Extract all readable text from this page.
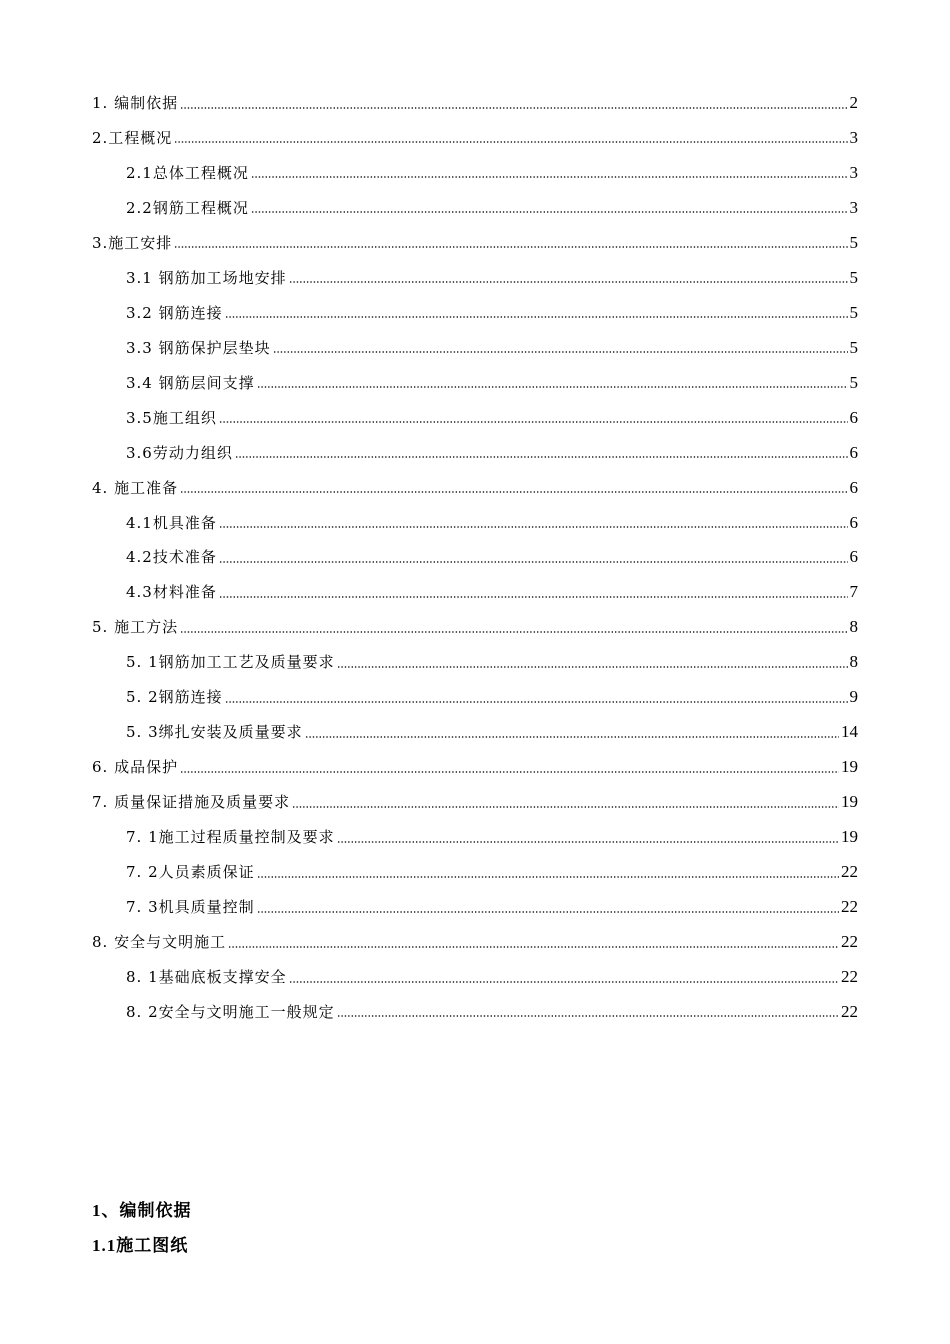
1. 编制依据	2
2.工程概况	3
2.1总体工程概况	3
2.2钢筋工程概况	3
3.施工安排	5
3.1 钢筋加工场地安排	5
3.2 钢筋连接	5
3.3 钢筋保护层垫块	5
3.4 钢筋层间支撑	5
3.5施工组织	6
3.6劳动力组织	6
4. 施工准备	6
4.1机具准备	6
4.2技术准备	6
4.3材料准备	7
5. 施工方法	8
5. 1钢筋加工工艺及质量要求	8
5. 2钢筋连接	9
5. 3绑扎安装及质量要求	14
6. 成品保护	19
7. 质量保证措施及质量要求	19
7. 1施工过程质量控制及要求	19
7. 2人员素质保证	22
7. 3机具质量控制	22
8. 安全与文明施工	22
8. 1基础底板支撑安全	22
8. 2安全与文明施工一般规定	22
1、编制依据
1.1施工图纸
